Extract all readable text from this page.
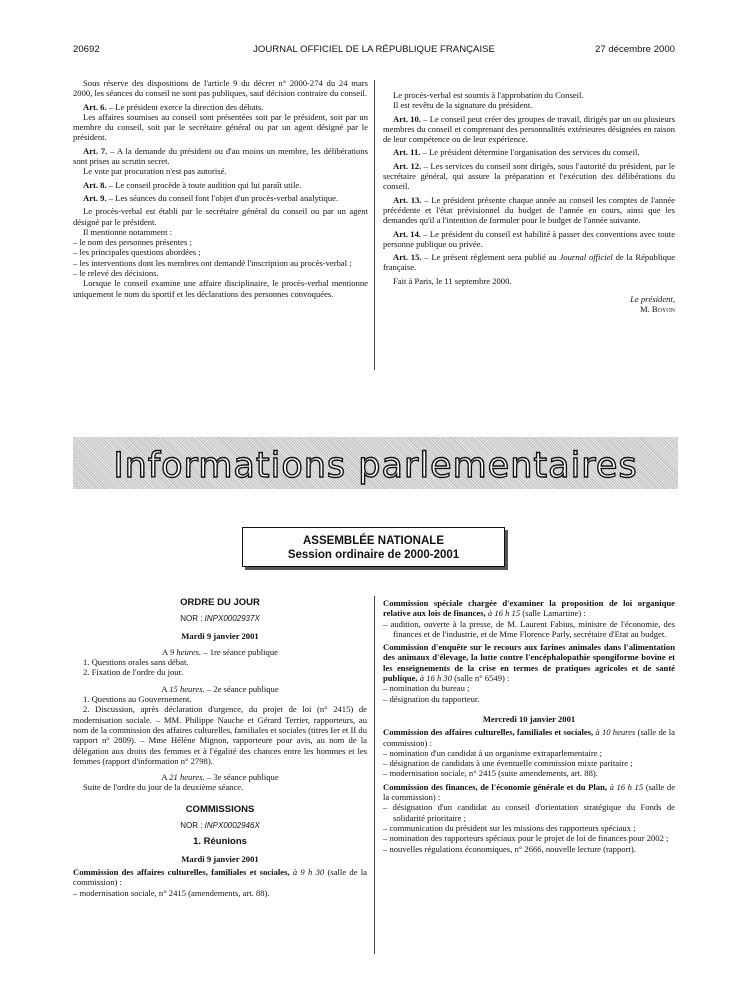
20692	JOURNAL OFFICIEL DE LA RÉPUBLIQUE FRANÇAISE	27 décembre 2000

Sous réserve des dispositions de l'article 9 du décret n° 2000-274 du 24 mars 2000, les séances du conseil ne sont pas publiques, sauf décision contraire du conseil.

Art. 6. – Le président exerce la direction des débats.

Les affaires soumises au conseil sont présentées soit par le président, soit par un membre du conseil, soit par le secrétaire général ou par un agent désigné par le président.

Art. 7. – A la demande du président ou d'au moins un membre, les délibérations sont prises au scrutin secret.

Le vote par procuration n'est pas autorisé.

Art. 8. – Le conseil procède à toute audition qui lui paraît utile.

Art. 9. – Les séances du conseil font l'objet d'un procès-verbal analytique.

Le procès-verbal est établi par le secrétaire général du conseil ou par un agent désigné par le président.

Il mentionne notamment :

– le nom des personnes présentes ;
– les principales questions abordées ;
– les interventions dont les membres ont demandé l'inscription au procès-verbal ;
– le relevé des décisions.

Lorsque le conseil examine une affaire disciplinaire, le procès-verbal mentionne uniquement le nom du sportif et les déclarations des personnes convoquées.

Le procès-verbal est soumis à l'approbation du Conseil.

Il est revêtu de la signature du président.

Art. 10. – Le conseil peut créer des groupes de travail, dirigés par un ou plusieurs membres du conseil et comprenant des personnalités extérieures désignées en raison de leur compétence ou de leur expérience.

Art. 11. – Le président détermine l'organisation des services du conseil.

Art. 12. – Les services du conseil sont dirigés, sous l'autorité du président, par le secrétaire général, qui assure la préparation et l'exécution des délibérations du conseil.

Art. 13. – Le président présente chaque année au conseil les comptes de l'année précédente et l'état prévisionnel du budget de l'année en cours, ainsi que les demandes qu'il a l'intention de formuler pour le budget de l'année suivante.

Art. 14. – Le président du conseil est habilité à passer des conventions avec toute personne publique ou privée.

Art. 15. – Le présent règlement sera publié au Journal officiel de la République française.

Fait à Paris, le 11 septembre 2000.

Le président,

M. Boyon

Informations parlementaires
ASSEMBLÉE NATIONALE
Session ordinaire de 2000-2001

ORDRE DU JOUR

NOR : INPX0002937X

Mardi 9 janvier 2001

A 9 heures. – 1re séance publique

1. Questions orales sans débat.

2. Fixation de l'ordre du jour.

A 15 heures. – 2e séance publique

1. Questions au Gouvernement.

2. Discussion, après déclaration d'urgence, du projet de loi (n° 2415) de modernisation sociale. – MM. Philippe Nauche et Gérard Terrier, rapporteurs, au nom de la commission des affaires culturelles, familiales et sociales (titres Ier et II du rapport n° 2809). – Mme Hélène Mignon, rapporteure pour avis, au nom de la délégation aux droits des femmes et à l'égalité des chances entre les hommes et les femmes (rapport d'information n° 2798).

A 21 heures. – 3e séance publique

Suite de l'ordre du jour de la deuxième séance.

COMMISSIONS

NOR : INPX0002946X

1. Réunions

Mardi 9 janvier 2001

Commission des affaires culturelles, familiales et sociales, à 9 h 30 (salle de la commission) :

– modernisation sociale, n° 2415 (amendements, art. 88).

Commission spéciale chargée d'examiner la proposition de loi organique relative aux lois de finances, à 16 h 15 (salle Lamartine) :

– audition, ouverte à la presse, de M. Laurent Fabius, ministre de l'économie, des finances et de l'industrie, et de Mme Florence Parly, secrétaire d'Etat au budget.

Commission d'enquête sur le recours aux farines animales dans l'alimentation des animaux d'élevage, la lutte contre l'encéphalopathie spongiforme bovine et les enseignements de la crise en termes de pratiques agricoles et de santé publique, à 16 h 30 (salle n° 6549) :

– nomination du bureau ;
– désignation du rapporteur.

Mercredi 10 janvier 2001

Commission des affaires culturelles, familiales et sociales, à 10 heures (salle de la commission) :

– nomination d'un candidat à un organisme extraparlementaire ;
– désignation de candidats à une éventuelle commission mixte paritaire ;
– modernisation sociale, n° 2415 (suite amendements, art. 88).

Commission des finances, de l'économie générale et du Plan, à 16 h 15 (salle de la commission) :

– désignation d'un candidat au conseil d'orientation stratégique du Fonds de solidarité prioritaire ;
– communication du président sur les missions des rapporteurs spéciaux ;
– nomination des rapporteurs spéciaux pour le projet de loi de finances pour 2002 ;
– nouvelles régulations économiques, n° 2666, nouvelle lecture (rapport).
